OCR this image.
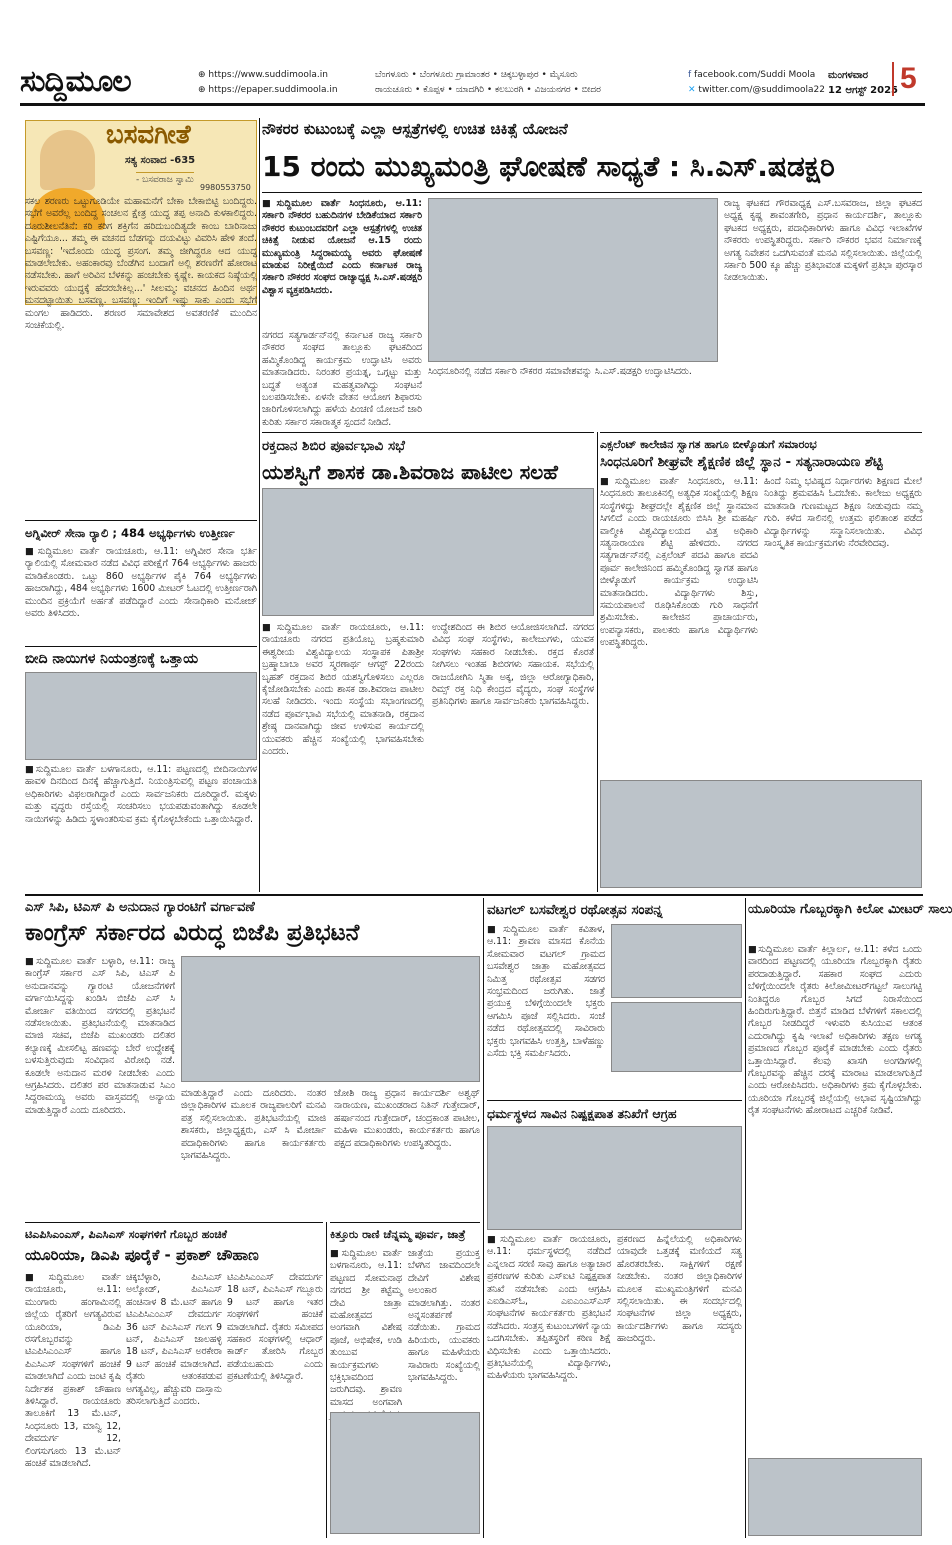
ಸುದ್ದಿಮೂಲ	⊕ https://www.suddimoola.in
⊕ https://epaper.suddimoola.in
ಬೆಂಗಳೂರು • ಬೆಂಗಳೂರು ಗ್ರಾಮಾಂತರ • ಚಿಕ್ಕಬಳ್ಳಾಪುರ • ಮೈಸೂರು
ರಾಯಚೂರು • ಕೊಪ್ಪಳ • ಯಾದಗಿರಿ • ಕಲಬುರಗಿ • ವಿಜಯನಗರ • ಬೀದರ
f facebook.com/Suddi Moola
✕ twitter.com/@suddimoola22
ಮಂಗಳವಾರ
12 ಆಗಸ್ಟ್ 2025 5
ಬಸವಗೀತೆ
ಸತ್ಯ ಸಂವಾದ -635
- ಬಸವರಾಜ ಸ್ವಾಮಿ
9980553750
ಸಕಲ ಶರಣರು ಒಟ್ಟುಗೂಡಿಯೇ ಮಹಾಮನೆಗೆ ಬೇಕಾ ಬೇಕಾಬಿಟ್ಟಿ ಬಂದಿದ್ದರು. ಸಭೆಗೆ ಅವರೆಲ್ಲ ಬಂದಿದ್ದ ಸಂಚಲನ ಕ್ಷೇತ್ರ ಯುದ್ಧ ತಪ್ಪ ಅನಾದಿ ಕುಳಕಾಲಿದ್ದರು. ದೂರುಶೀಲನೆತಿನೆ: ಕರಿ ಕರಿಗ ಶಕ್ತಿಗೆನ ಹರಿದುಬಂದಿತ್ಯದೇ ಕಾಂಬ ಬಾರಿನಾಜು ಎಷ್ಟಿಗೆಯೂ... ತಮ್ಮ ಈ ವಚನದ ಬೆಡಗನ್ನು ದಯವಿಟ್ಟು ವಿವರಿಸಿ ಹೇಳಿ ತಂದೆ. ಬಸವಣ್ಣ: 'ಇದೊಂದು ಯುದ್ಧ ಪ್ರಸಂಗ. ತಮ್ಮ ಜೀಗಿದ್ದರೂ ಆದ ಯುದ್ಧ ಮಾಡಲೇಬೇಕು. ಅಹಂಕಾರವು ಬೆಂಡೆಗಿನ ಬಂದಾಗೆ ಅಲ್ಲಿ ಶರಣರೆಗೆ ಹೋರಾಟ ನಡೆಸಬೇಕು. ಹಾಗೆ ಅರಿವಿನ ಬೆಳಕನ್ನು ಹಂಚಬೇಕು ಕೃಷ್ಣೇ. ಕಾಯಕದ ನಿಷ್ಠೆಯಲ್ಲಿ ಇರುವವರು ಯುದ್ಧಕ್ಕೆ ಹೆದರಬೇಕಿಲ್ಲ...' ಸೀಲಮ್ಮ: ವಚನದ ಹಿಂದಿನ ಅರ್ಥ ಮನದಟ್ಟಾಯಿತು ಬಸವಣ್ಣ. ಬಸವಣ್ಣ: ಇಂದಿಗೆ ಇಷ್ಟು ಸಾಕು ಎಂದು ಸಭೆಗೆ ಮಂಗಲ ಹಾಡಿದರು. ಶರಣರ ಸಮಾವೇಶದ ಅವತರಣಿಕೆ ಮುಂದಿನ ಸಂಚಿಕೆಯಲ್ಲಿ.
ನೌಕರರ ಕುಟುಂಬಕ್ಕೆ ಎಲ್ಲಾ ಆಸ್ಪತ್ರೆಗಳಲ್ಲಿ ಉಚಿತ ಚಿಕಿತ್ಸೆ ಯೋಜನೆ
15 ರಂದು ಮುಖ್ಯಮಂತ್ರಿ ಘೋಷಣೆ ಸಾಧ್ಯತೆ : ಸಿ.ಎಸ್.ಷಡಕ್ಷರಿ
■ಸುದ್ದಿಮೂಲ ವಾರ್ತೆ ಸಿಂಧನೂರು, ಆ.11: ಸರ್ಕಾರಿ ನೌಕರರ ಬಹುದಿನಗಳ ಬೇಡಿಕೆಯಾದ ಸರ್ಕಾರಿ ನೌಕರರ ಕುಟುಂಬದವರಿಗೆ ಎಲ್ಲಾ ಆಸ್ಪತ್ರೆಗಳಲ್ಲಿ ಉಚಿತ ಚಿಕಿತ್ಸೆ ನೀಡುವ ಯೋಜನೆ ಆ.15 ರಂದು ಮುಖ್ಯಮಂತ್ರಿ ಸಿದ್ದರಾಮಯ್ಯ ಅವರು ಘೋಷಣೆ ಮಾಡುವ ನಿರೀಕ್ಷೆಯಿದೆ ಎಂದು ಕರ್ನಾಟಕ ರಾಜ್ಯ ಸರ್ಕಾರಿ ನೌಕರರ ಸಂಘದ ರಾಜ್ಯಾಧ್ಯಕ್ಷ ಸಿ.ಎಸ್.ಷಡಕ್ಷರಿ ವಿಶ್ವಾಸ ವ್ಯಕ್ತಪಡಿಸಿದರು.
ರಾಜ್ಯ ಘಟಕದ ಗೌರವಾಧ್ಯಕ್ಷ ಎಸ್.ಬಸವರಾಜ, ಜಿಲ್ಲಾ ಘಟಕದ ಅಧ್ಯಕ್ಷ ಕೃಷ್ಣ ಶಾವಂತಗೇರಿ, ಪ್ರಧಾನ ಕಾರ್ಯದರ್ಶಿ, ತಾಲ್ಲೂಕು ಘಟಕದ ಅಧ್ಯಕ್ಷರು, ಪದಾಧಿಕಾರಿಗಳು ಹಾಗೂ ವಿವಿಧ ಇಲಾಖೆಗಳ ನೌಕರರು ಉಪಸ್ಥಿತರಿದ್ದರು. ಸರ್ಕಾರಿ ನೌಕರರ ಭವನ ನಿರ್ಮಾಣಕ್ಕೆ ಅಗತ್ಯ ನಿವೇಶನ ಒದಗಿಸುವಂತೆ ಮನವಿ ಸಲ್ಲಿಸಲಾಯಿತು. ಜಿಲ್ಲೆಯಲ್ಲಿ ಸರ್ಕಾರಿ 500 ಕ್ಕೂ ಹೆಚ್ಚು ಪ್ರತಿಭಾವಂತ ಮಕ್ಕಳಿಗೆ ಪ್ರತಿಭಾ ಪುರಸ್ಕಾರ ನೀಡಲಾಯಿತು.
ನಗರದ ಸತ್ಯಗಾರ್ಡನ್‌ನಲ್ಲಿ ಕರ್ನಾಟಕ ರಾಜ್ಯ ಸರ್ಕಾರಿ ನೌಕರರ ಸಂಘದ ತಾಲ್ಲೂಕು ಘಟಕದಿಂದ ಹಮ್ಮಿಕೊಂಡಿದ್ದ ಕಾರ್ಯಕ್ರಮ ಉದ್ಘಾಟಿಸಿ ಅವರು ಮಾತನಾಡಿದರು. ನಿರಂತರ ಪ್ರಯತ್ನ, ಒಗ್ಗಟ್ಟು ಮತ್ತು ಬದ್ಧತೆ ಅತ್ಯಂತ ಮಹತ್ವವಾಗಿದ್ದು ಸಂಘಟನೆ ಬಲಪಡಿಸಬೇಕು. ಏಳನೇ ವೇತನ ಆಯೋಗ ಶಿಫಾರಸು ಜಾರಿಗೊಳಿಸಲಾಗಿದ್ದು ಹಳೆಯ ಪಿಂಚಣಿ ಯೋಜನೆ ಜಾರಿ ಕುರಿತು ಸರ್ಕಾರ ಸಕಾರಾತ್ಮಕ ಸ್ಪಂದನೆ ನೀಡಿದೆ.
ಸಿಂಧನೂರಿನಲ್ಲಿ ನಡೆದ ಸರ್ಕಾರಿ ನೌಕರರ ಸಮಾವೇಶವನ್ನು ಸಿ.ಎಸ್.ಷಡಕ್ಷರಿ ಉದ್ಘಾಟಿಸಿದರು.
ಅಗ್ನಿವೀರ್ ಸೇನಾ ರ‍್ಯಾಲಿ ; 484 ಅಭ್ಯರ್ಥಿಗಳು ಉತ್ತೀರ್ಣ
■ಸುದ್ದಿಮೂಲ ವಾರ್ತೆ ರಾಯಚೂರು, ಆ.11: ಅಗ್ನಿವೀರ ಸೇನಾ ಭರ್ತಿ ರ‍್ಯಾಲಿಯಲ್ಲಿ ಸೋಮವಾರ ನಡೆದ ವಿವಿಧ ಪರೀಕ್ಷೆಗೆ 764 ಅಭ್ಯರ್ಥಿಗಳು ಹಾಜರು ಮಾಡಿಕೊಂಡರು. ಒಟ್ಟು 860 ಅಭ್ಯರ್ಥಿಗಳ ಪೈಕಿ 764 ಅಭ್ಯರ್ಥಿಗಳು ಹಾಜರಾಗಿದ್ದು, 484 ಅಭ್ಯರ್ಥಿಗಳು 1600 ಮೀಟರ್ ಓಟದಲ್ಲಿ ಉತ್ತೀರ್ಣರಾಗಿ ಮುಂದಿನ ಪ್ರಕ್ರಿಯೆಗೆ ಅರ್ಹತೆ ಪಡೆದಿದ್ದಾರೆ ಎಂದು ಸೇನಾಧಿಕಾರಿ ಮನೋಜ್ ಅವರು ತಿಳಿಸಿದರು.
ಬೀದಿ ನಾಯಿಗಳ ನಿಯಂತ್ರಣಕ್ಕೆ ಒತ್ತಾಯ
■ಸುದ್ದಿಮೂಲ ವಾರ್ತೆ ಬಳಗಾನೂರು, ಆ.11: ಪಟ್ಟಣದಲ್ಲಿ ಬೀದಿನಾಯಿಗಳ ಹಾವಳಿ ದಿನದಿಂದ ದಿನಕ್ಕೆ ಹೆಚ್ಚಾಗುತ್ತಿದೆ. ನಿಯಂತ್ರಿಸುವಲ್ಲಿ ಪಟ್ಟಣ ಪಂಚಾಯತಿ ಅಧಿಕಾರಿಗಳು ವಿಫಲರಾಗಿದ್ದಾರೆ ಎಂದು ಸಾರ್ವಜನಿಕರು ದೂರಿದ್ದಾರೆ. ಮಕ್ಕಳು ಮತ್ತು ವೃದ್ಧರು ರಸ್ತೆಯಲ್ಲಿ ಸಂಚರಿಸಲು ಭಯಪಡುವಂತಾಗಿದ್ದು ಕೂಡಲೇ ನಾಯಿಗಳನ್ನು ಹಿಡಿದು ಸ್ಥಳಾಂತರಿಸುವ ಕ್ರಮ ಕೈಗೊಳ್ಳಬೇಕೆಂದು ಒತ್ತಾಯಿಸಿದ್ದಾರೆ.
ರಕ್ತದಾನ ಶಿಬಿರ ಪೂರ್ವಭಾವಿ ಸಭೆ
ಯಶಸ್ವಿಗೆ ಶಾಸಕ ಡಾ.ಶಿವರಾಜ ಪಾಟೀಲ ಸಲಹೆ
■ಸುದ್ದಿಮೂಲ ವಾರ್ತೆ ರಾಯಚೂರು, ಆ.11: ರಾಯಚೂರು ನಗರದ ಪ್ರತಿಯೊಬ್ಬ ಬ್ರಹ್ಮಕುಮಾರಿ ಈಶ್ವರೀಯ ವಿಶ್ವವಿದ್ಯಾಲಯ ಸಂಸ್ಥಾಪಕ ಪಿತಾಶ್ರೀ ಬ್ರಹ್ಮಾಬಾಬಾ ಅವರ ಸ್ಮರಣಾರ್ಥ ಆಗಸ್ಟ್ 22ರಂದು ಬೃಹತ್ ರಕ್ತದಾನ ಶಿಬಿರ ಯಶಸ್ವಿಗೊಳಿಸಲು ಎಲ್ಲರೂ ಕೈಜೋಡಿಸಬೇಕು ಎಂದು ಶಾಸಕ ಡಾ.ಶಿವರಾಜ ಪಾಟೀಲ ಸಲಹೆ ನೀಡಿದರು. ಇಂದು ಸಂಸ್ಥೆಯ ಸಭಾಂಗಣದಲ್ಲಿ ನಡೆದ ಪೂರ್ವಭಾವಿ ಸಭೆಯಲ್ಲಿ ಮಾತನಾಡಿ, ರಕ್ತದಾನ ಶ್ರೇಷ್ಠ ದಾನವಾಗಿದ್ದು ಜೀವ ಉಳಿಸುವ ಕಾರ್ಯದಲ್ಲಿ ಯುವಕರು ಹೆಚ್ಚಿನ ಸಂಖ್ಯೆಯಲ್ಲಿ ಭಾಗವಹಿಸಬೇಕು ಎಂದರು.
ಉದ್ದೇಶದಿಂದ ಈ ಶಿಬಿರ ಆಯೋಜಿಸಲಾಗಿದೆ. ನಗರದ ವಿವಿಧ ಸಂಘ ಸಂಸ್ಥೆಗಳು, ಕಾಲೇಜುಗಳು, ಯುವಕ ಸಂಘಗಳು ಸಹಕಾರ ನೀಡಬೇಕು. ರಕ್ತದ ಕೊರತೆ ನೀಗಿಸಲು ಇಂತಹ ಶಿಬಿರಗಳು ಸಹಾಯಕ. ಸಭೆಯಲ್ಲಿ ರಾಜಯೋಗಿನಿ ಸ್ಮಿತಾ ಅಕ್ಕ, ಜಿಲ್ಲಾ ಆರೋಗ್ಯಾಧಿಕಾರಿ, ರಿಮ್ಸ್ ರಕ್ತ ನಿಧಿ ಕೇಂದ್ರದ ವೈದ್ಯರು, ಸಂಘ ಸಂಸ್ಥೆಗಳ ಪ್ರತಿನಿಧಿಗಳು ಹಾಗೂ ಸಾರ್ವಜನಿಕರು ಭಾಗವಹಿಸಿದ್ದರು.
ಎಕ್ಸಲೆಂಟ್ ಕಾಲೇಜಿನ ಸ್ವಾಗತ ಹಾಗೂ ಬೀಳ್ಕೊಡುಗೆ ಸಮಾರಂಭ
ಸಿಂಧನೂರಿಗೆ ಶೀಘ್ರವೇ ಶೈಕ್ಷಣಿಕ ಜಿಲ್ಲೆ ಸ್ಥಾನ - ಸತ್ಯನಾರಾಯಣ ಶೆಟ್ಟಿ
■ಸುದ್ದಿಮೂಲ ವಾರ್ತೆ ಸಿಂಧನೂರು, ಆ.11: ಸಿಂಧನೂರು ತಾಲೂಕಿನಲ್ಲಿ ಅತ್ಯಧಿಕ ಸಂಖ್ಯೆಯಲ್ಲಿ ಶಿಕ್ಷಣ ಸಂಸ್ಥೆಗಳಿದ್ದು ಶೀಘ್ರದಲ್ಲೇ ಶೈಕ್ಷಣಿಕ ಜಿಲ್ಲೆ ಸ್ಥಾನಮಾನ ಸಿಗಲಿದೆ ಎಂದು ರಾಯಚೂರು ಬಿಸಿಸಿ ಶ್ರೀ ಮಹರ್ಷಿ ವಾಲ್ಮೀಕಿ ವಿಶ್ವವಿದ್ಯಾಲಯದ ವಿತ್ತ ಅಧಿಕಾರಿ ಸತ್ಯನಾರಾಯಣ ಶೆಟ್ಟಿ ಹೇಳಿದರು. ನಗರದ ಸತ್ಯಗಾರ್ಡನ್‌ನಲ್ಲಿ ಎಕ್ಸಲೆಂಟ್ ಪದವಿ ಹಾಗೂ ಪದವಿ ಪೂರ್ವ ಕಾಲೇಜಿನಿಂದ ಹಮ್ಮಿಕೊಂಡಿದ್ದ ಸ್ವಾಗತ ಹಾಗೂ ಬೀಳ್ಕೊಡುಗೆ ಕಾರ್ಯಕ್ರಮ ಉದ್ಘಾಟಿಸಿ ಮಾತನಾಡಿದರು. ವಿದ್ಯಾರ್ಥಿಗಳು ಶಿಸ್ತು, ಸಮಯಪಾಲನೆ ರೂಢಿಸಿಕೊಂಡು ಗುರಿ ಸಾಧನೆಗೆ ಶ್ರಮಿಸಬೇಕು. ಕಾಲೇಜಿನ ಪ್ರಾಚಾರ್ಯರು, ಉಪನ್ಯಾಸಕರು, ಪಾಲಕರು ಹಾಗೂ ವಿದ್ಯಾರ್ಥಿಗಳು ಉಪಸ್ಥಿತರಿದ್ದರು.
ಹಿಂದೆ ನಿಮ್ಮ ಭವಿಷ್ಯದ ನಿರ್ಧಾರಗಳು ಶಿಕ್ಷಣದ ಮೇಲೆ ನಿಂತಿದ್ದು ಶ್ರಮವಹಿಸಿ ಓದಬೇಕು. ಕಾಲೇಜು ಅಧ್ಯಕ್ಷರು ಮಾತನಾಡಿ ಗುಣಮಟ್ಟದ ಶಿಕ್ಷಣ ನೀಡುವುದು ನಮ್ಮ ಗುರಿ. ಕಳೆದ ಸಾಲಿನಲ್ಲಿ ಉತ್ತಮ ಫಲಿತಾಂಶ ಪಡೆದ ವಿದ್ಯಾರ್ಥಿಗಳನ್ನು ಸನ್ಮಾನಿಸಲಾಯಿತು. ವಿವಿಧ ಸಾಂಸ್ಕೃತಿಕ ಕಾರ್ಯಕ್ರಮಗಳು ನೆರವೇರಿದವು.
ಎಸ್ ಸಿಪಿ, ಟಿಎಸ್ ಪಿ ಅನುದಾನ ಗ್ಯಾರಂಟಿಗೆ ವರ್ಗಾವಣೆ
ಕಾಂಗ್ರೆಸ್ ಸರ್ಕಾರದ ವಿರುದ್ಧ ಬಿಜೆಪಿ ಪ್ರತಿಭಟನೆ
■ಸುದ್ದಿಮೂಲ ವಾರ್ತೆ ಬಳ್ಳಾರಿ, ಆ.11: ರಾಜ್ಯ ಕಾಂಗ್ರೆಸ್ ಸರ್ಕಾರ ಎಸ್ ಸಿಪಿ, ಟಿಎಸ್ ಪಿ ಅನುದಾನವನ್ನು ಗ್ಯಾರಂಟಿ ಯೋಜನೆಗಳಿಗೆ ವರ್ಗಾಯಿಸಿದ್ದನ್ನು ಖಂಡಿಸಿ ಬಿಜೆಪಿ ಎಸ್ ಸಿ ಮೋರ್ಚಾ ವತಿಯಿಂದ ನಗರದಲ್ಲಿ ಪ್ರತಿಭಟನೆ ನಡೆಸಲಾಯಿತು. ಪ್ರತಿಭಟನೆಯಲ್ಲಿ ಮಾತನಾಡಿದ ಮಾಜಿ ಸಚಿವ, ಬಿಜೆಪಿ ಮುಖಂಡರು ದಲಿತರ ಕಲ್ಯಾಣಕ್ಕೆ ಮೀಸಲಿಟ್ಟ ಹಣವನ್ನು ಬೇರೆ ಉದ್ದೇಶಕ್ಕೆ ಬಳಸುತ್ತಿರುವುದು ಸಂವಿಧಾನ ವಿರೋಧಿ ನಡೆ. ಕೂಡಲೇ ಅನುದಾನ ಮರಳಿ ನೀಡಬೇಕು ಎಂದು ಆಗ್ರಹಿಸಿದರು. ದಲಿತರ ಪರ ಮಾತನಾಡುವ ಸಿಎಂ ಸಿದ್ದರಾಮಯ್ಯ ಅವರು ವಾಸ್ತವದಲ್ಲಿ ಅನ್ಯಾಯ ಮಾಡುತ್ತಿದ್ದಾರೆ ಎಂದು ದೂರಿದರು.
ಮಾಡುತ್ತಿದ್ದಾರೆ ಎಂದು ದೂರಿದರು. ನಂತರ ಜಿಲ್ಲಾಧಿಕಾರಿಗಳ ಮೂಲಕ ರಾಜ್ಯಪಾಲರಿಗೆ ಮನವಿ ಪತ್ರ ಸಲ್ಲಿಸಲಾಯಿತು. ಪ್ರತಿಭಟನೆಯಲ್ಲಿ ಮಾಜಿ ಶಾಸಕರು, ಜಿಲ್ಲಾಧ್ಯಕ್ಷರು, ಎಸ್ ಸಿ ಮೋರ್ಚಾ ಪದಾಧಿಕಾರಿಗಳು ಹಾಗೂ ಕಾರ್ಯಕರ್ತರು ಭಾಗವಹಿಸಿದ್ದರು.
ಜೋಶಿ ರಾಜ್ಯ ಪ್ರಧಾನ ಕಾರ್ಯದರ್ಶಿ ಅಶ್ವಥ್ ನಾರಾಯಣ, ಮುಖಂಡರಾದ ನಿತಿನ್ ಗುತ್ತೇದಾರ್, ಹರ್ಷಾನಂದ ಗುತ್ತೇದಾರ್, ಚಂದ್ರಕಾಂತ ಪಾಟೀಲ, ಮಹಿಳಾ ಮುಖಂಡರು, ಕಾರ್ಯಕರ್ತರು ಹಾಗೂ ಪಕ್ಷದ ಪದಾಧಿಕಾರಿಗಳು ಉಪಸ್ಥಿತರಿದ್ದರು.
ವಟಗಲ್ ಬಸವೇಶ್ವರ ರಥೋತ್ಸವ ಸಂಪನ್ನ
■ಸುದ್ದಿಮೂಲ ವಾರ್ತೆ ಕವಿತಾಳ, ಆ.11: ಶ್ರಾವಣ ಮಾಸದ ಕೊನೆಯ ಸೋಮವಾರ ವಟಗಲ್ ಗ್ರಾಮದ ಬಸವೇಶ್ವರ ಜಾತ್ರಾ ಮಹೋತ್ಸವದ ನಿಮಿತ್ತ ರಥೋತ್ಸವ ಸಡಗರ ಸಂಭ್ರಮದಿಂದ ಜರುಗಿತು. ಜಾತ್ರೆ ಪ್ರಯುಕ್ತ ಬೆಳಿಗ್ಗೆಯಿಂದಲೇ ಭಕ್ತರು ಆಗಮಿಸಿ ಪೂಜೆ ಸಲ್ಲಿಸಿದರು. ಸಂಜೆ ನಡೆದ ರಥೋತ್ಸವದಲ್ಲಿ ಸಾವಿರಾರು ಭಕ್ತರು ಭಾಗವಹಿಸಿ ಉತ್ತತ್ತಿ, ಬಾಳೆಹಣ್ಣು ಎಸೆದು ಭಕ್ತಿ ಸಮರ್ಪಿಸಿದರು.
ಯೂರಿಯಾ ಗೊಬ್ಬರಕ್ಕಾಗಿ ಕಿಲೋ ಮೀಟರ್ ಸಾಲು
■ಸುದ್ದಿಮೂಲ ವಾರ್ತೆ ಕಿಲ್ಲಾರ್ಲ, ಆ.11: ಕಳೆದ ಒಂದು ವಾರದಿಂದ ಪಟ್ಟಣದಲ್ಲಿ ಯೂರಿಯಾ ಗೊಬ್ಬರಕ್ಕಾಗಿ ರೈತರು ಪರದಾಡುತ್ತಿದ್ದಾರೆ. ಸಹಕಾರ ಸಂಘದ ಎದುರು ಬೆಳಿಗ್ಗೆಯಿಂದಲೇ ರೈತರು ಕಿಲೋಮೀಟರ್‌ಗಟ್ಟಲೆ ಸಾಲುಗಟ್ಟಿ ನಿಂತಿದ್ದರೂ ಗೊಬ್ಬರ ಸಿಗದೆ ನಿರಾಸೆಯಿಂದ ಹಿಂದಿರುಗುತ್ತಿದ್ದಾರೆ. ಬಿತ್ತನೆ ಮಾಡಿದ ಬೆಳೆಗಳಿಗೆ ಸಕಾಲದಲ್ಲಿ ಗೊಬ್ಬರ ನೀಡದಿದ್ದರೆ ಇಳುವರಿ ಕುಸಿಯುವ ಆತಂಕ ಎದುರಾಗಿದ್ದು ಕೃಷಿ ಇಲಾಖೆ ಅಧಿಕಾರಿಗಳು ತಕ್ಷಣ ಅಗತ್ಯ ಪ್ರಮಾಣದ ಗೊಬ್ಬರ ಪೂರೈಕೆ ಮಾಡಬೇಕು ಎಂದು ರೈತರು ಒತ್ತಾಯಿಸಿದ್ದಾರೆ. ಕೆಲವು ಖಾಸಗಿ ಅಂಗಡಿಗಳಲ್ಲಿ ಗೊಬ್ಬರವನ್ನು ಹೆಚ್ಚಿನ ದರಕ್ಕೆ ಮಾರಾಟ ಮಾಡಲಾಗುತ್ತಿದೆ ಎಂದು ಆರೋಪಿಸಿದರು. ಅಧಿಕಾರಿಗಳು ಕ್ರಮ ಕೈಗೊಳ್ಳಬೇಕು. ಯೂರಿಯಾ ಗೊಬ್ಬರಕ್ಕೆ ಜಿಲ್ಲೆಯಲ್ಲಿ ಅಭಾವ ಸೃಷ್ಟಿಯಾಗಿದ್ದು ರೈತ ಸಂಘಟನೆಗಳು ಹೋರಾಟದ ಎಚ್ಚರಿಕೆ ನೀಡಿವೆ.
ಧರ್ಮಸ್ಥಳದ ಸಾವಿನ ನಿಷ್ಪಕ್ಷಪಾತ ತನಿಖೆಗೆ ಆಗ್ರಹ
■ಸುದ್ದಿಮೂಲ ವಾರ್ತೆ ರಾಯಚೂರು, ಆ.11: ಧರ್ಮಸ್ಥಳದಲ್ಲಿ ನಡೆದಿದೆ ಎನ್ನಲಾದ ಸರಣಿ ಸಾವು ಹಾಗೂ ಅತ್ಯಾಚಾರ ಪ್ರಕರಣಗಳ ಕುರಿತು ಎಸ್ಐಟಿ ನಿಷ್ಪಕ್ಷಪಾತ ತನಿಖೆ ನಡೆಸಬೇಕು ಎಂದು ಆಗ್ರಹಿಸಿ ಎಐಡಿಎಸ್ಓ, ಎಐಎಂಎಸ್ಎಸ್ ಸಂಘಟನೆಗಳ ಕಾರ್ಯಕರ್ತರು ಪ್ರತಿಭಟನೆ ನಡೆಸಿದರು. ಸಂತ್ರಸ್ತ ಕುಟುಂಬಗಳಿಗೆ ನ್ಯಾಯ ಒದಗಿಸಬೇಕು. ತಪ್ಪಿತಸ್ಥರಿಗೆ ಕಠಿಣ ಶಿಕ್ಷೆ ವಿಧಿಸಬೇಕು ಎಂದು ಒತ್ತಾಯಿಸಿದರು. ಪ್ರತಿಭಟನೆಯಲ್ಲಿ ವಿದ್ಯಾರ್ಥಿಗಳು, ಮಹಿಳೆಯರು ಭಾಗವಹಿಸಿದ್ದರು.
ಪ್ರಕರಣದ ಹಿನ್ನೆಲೆಯಲ್ಲಿ ಅಧಿಕಾರಿಗಳು ಯಾವುದೇ ಒತ್ತಡಕ್ಕೆ ಮಣಿಯದೆ ಸತ್ಯ ಹೊರತರಬೇಕು. ಸಾಕ್ಷಿಗಳಿಗೆ ರಕ್ಷಣೆ ನೀಡಬೇಕು. ನಂತರ ಜಿಲ್ಲಾಧಿಕಾರಿಗಳ ಮೂಲಕ ಮುಖ್ಯಮಂತ್ರಿಗಳಿಗೆ ಮನವಿ ಸಲ್ಲಿಸಲಾಯಿತು. ಈ ಸಂದರ್ಭದಲ್ಲಿ ಸಂಘಟನೆಗಳ ಜಿಲ್ಲಾ ಅಧ್ಯಕ್ಷರು, ಕಾರ್ಯದರ್ಶಿಗಳು ಹಾಗೂ ಸದಸ್ಯರು ಹಾಜರಿದ್ದರು.
ಟಿಎಪಿಸಿಎಂಎಸ್, ಪಿಎಸಿಎಸ್ ಸಂಘಗಳಿಗೆ ಗೊಬ್ಬರ ಹಂಚಿಕೆ
ಯೂರಿಯಾ, ಡಿಎಪಿ ಪೂರೈಕೆ - ಪ್ರಕಾಶ್ ಚೌಹಾಣ
■ಸುದ್ದಿಮೂಲ ವಾರ್ತೆ ರಾಯಚೂರು, ಆ.11: ಮುಂಗಾರು ಹಂಗಾಮಿನಲ್ಲಿ ಜಿಲ್ಲೆಯ ರೈತರಿಗೆ ಅಗತ್ಯವಿರುವ ಯೂರಿಯಾ, ಡಿಎಪಿ ರಸಗೊಬ್ಬರವನ್ನು ಟಿಎಪಿಸಿಎಂಎಸ್ ಹಾಗೂ ಪಿಎಸಿಎಸ್ ಸಂಘಗಳಿಗೆ ಹಂಚಿಕೆ ಮಾಡಲಾಗಿದೆ ಎಂದು ಜಂಟಿ ಕೃಷಿ ನಿರ್ದೇಶಕ ಪ್ರಕಾಶ್ ಚೌಹಾಣ ತಿಳಿಸಿದ್ದಾರೆ. ರಾಯಚೂರು ತಾಲೂಕಿಗೆ 13 ಮೆ.ಟನ್, ಸಿಂಧನೂರು 13, ಮಾನ್ವಿ 12, ದೇವದುರ್ಗ 12, ಲಿಂಗಸುಗೂರು 13 ಮೆ.ಟನ್ ಹಂಚಿಕೆ ಮಾಡಲಾಗಿದೆ.
ಚಿಕ್ಕಬೆಳ್ಳಾರಿ, ಪಿಎಸಿಎಸ್ ಅಲ್ಕೋಡ್, ಪಿಎಸಿಎಸ್ ಹಂಚಿನಾಳ 8 ಮೆ.ಟನ್ ಹಾಗೂ ಟಿಎಪಿಸಿಎಂಎಸ್ ದೇವದುರ್ಗ 36 ಟನ್ ಪಿಎಸಿಎಸ್ ಗಲಗ 9 ಟನ್, ಪಿಎಸಿಎಸ್ ಜಾಲಹಳ್ಳಿ 18 ಟನ್, ಪಿಎಸಿಎಸ್ ಅರಕೇರಾ 9 ಟನ್ ಹಂಚಿಕೆ ಮಾಡಲಾಗಿದೆ. ರೈತರು ಆತಂಕಪಡುವ ಅಗತ್ಯವಿಲ್ಲ, ಹೆಚ್ಚುವರಿ ದಾಸ್ತಾನು ತರಿಸಲಾಗುತ್ತಿದೆ ಎಂದರು.
ಟಿಎಪಿಸಿಎಂಎಸ್ ದೇವದುರ್ಗ 18 ಟನ್, ಪಿಎಸಿಎಸ್ ಗಬ್ಬೂರು 9 ಟನ್ ಹಾಗೂ ಇತರ ಸಂಘಗಳಿಗೆ ಹಂಚಿಕೆ ಮಾಡಲಾಗಿದೆ. ರೈತರು ಸಮೀಪದ ಸಹಕಾರ ಸಂಘಗಳಲ್ಲಿ ಆಧಾರ್ ಕಾರ್ಡ್ ತೋರಿಸಿ ಗೊಬ್ಬರ ಪಡೆಯಬಹುದು ಎಂದು ಪ್ರಕಟಣೆಯಲ್ಲಿ ತಿಳಿಸಿದ್ದಾರೆ.
ಕಿತ್ತೂರು ರಾಣಿ ಚೆನ್ನಮ್ಮ ಪೂರ್ವ, ಜಾತ್ರೆ
■ಸುದ್ದಿಮೂಲ ವಾರ್ತೆ ಬಳಗಾನೂರು, ಆ.11: ಪಟ್ಟಣದ ಸೋಮನಾಥ ನಗರದ ಶ್ರೀ ಕಟ್ಟೆಮ್ಮ ದೇವಿ ಜಾತ್ರಾ ಮಹೋತ್ಸವದ ಅಂಗವಾಗಿ ವಿಶೇಷ ಪೂಜೆ, ಅಭಿಷೇಕ, ಉಡಿ ತುಂಬುವ ಕಾರ್ಯಕ್ರಮಗಳು ಭಕ್ತಿಭಾವದಿಂದ ಜರುಗಿದವು. ಶ್ರಾವಣ ಮಾಸದ ಅಂಗವಾಗಿ
ಜಾತ್ರೆಯ ಪ್ರಯುಕ್ತ ಬೆಳಗಿನ ಜಾವದಿಂದಲೇ ದೇವಿಗೆ ವಿಶೇಷ ಅಲಂಕಾರ ಮಾಡಲಾಗಿತ್ತು. ನಂತರ ಅನ್ನಸಂತರ್ಪಣೆ ನಡೆಯಿತು. ಗ್ರಾಮದ ಹಿರಿಯರು, ಯುವಕರು ಹಾಗೂ ಮಹಿಳೆಯರು ಸಾವಿರಾರು ಸಂಖ್ಯೆಯಲ್ಲಿ ಭಾಗವಹಿಸಿದ್ದರು.
